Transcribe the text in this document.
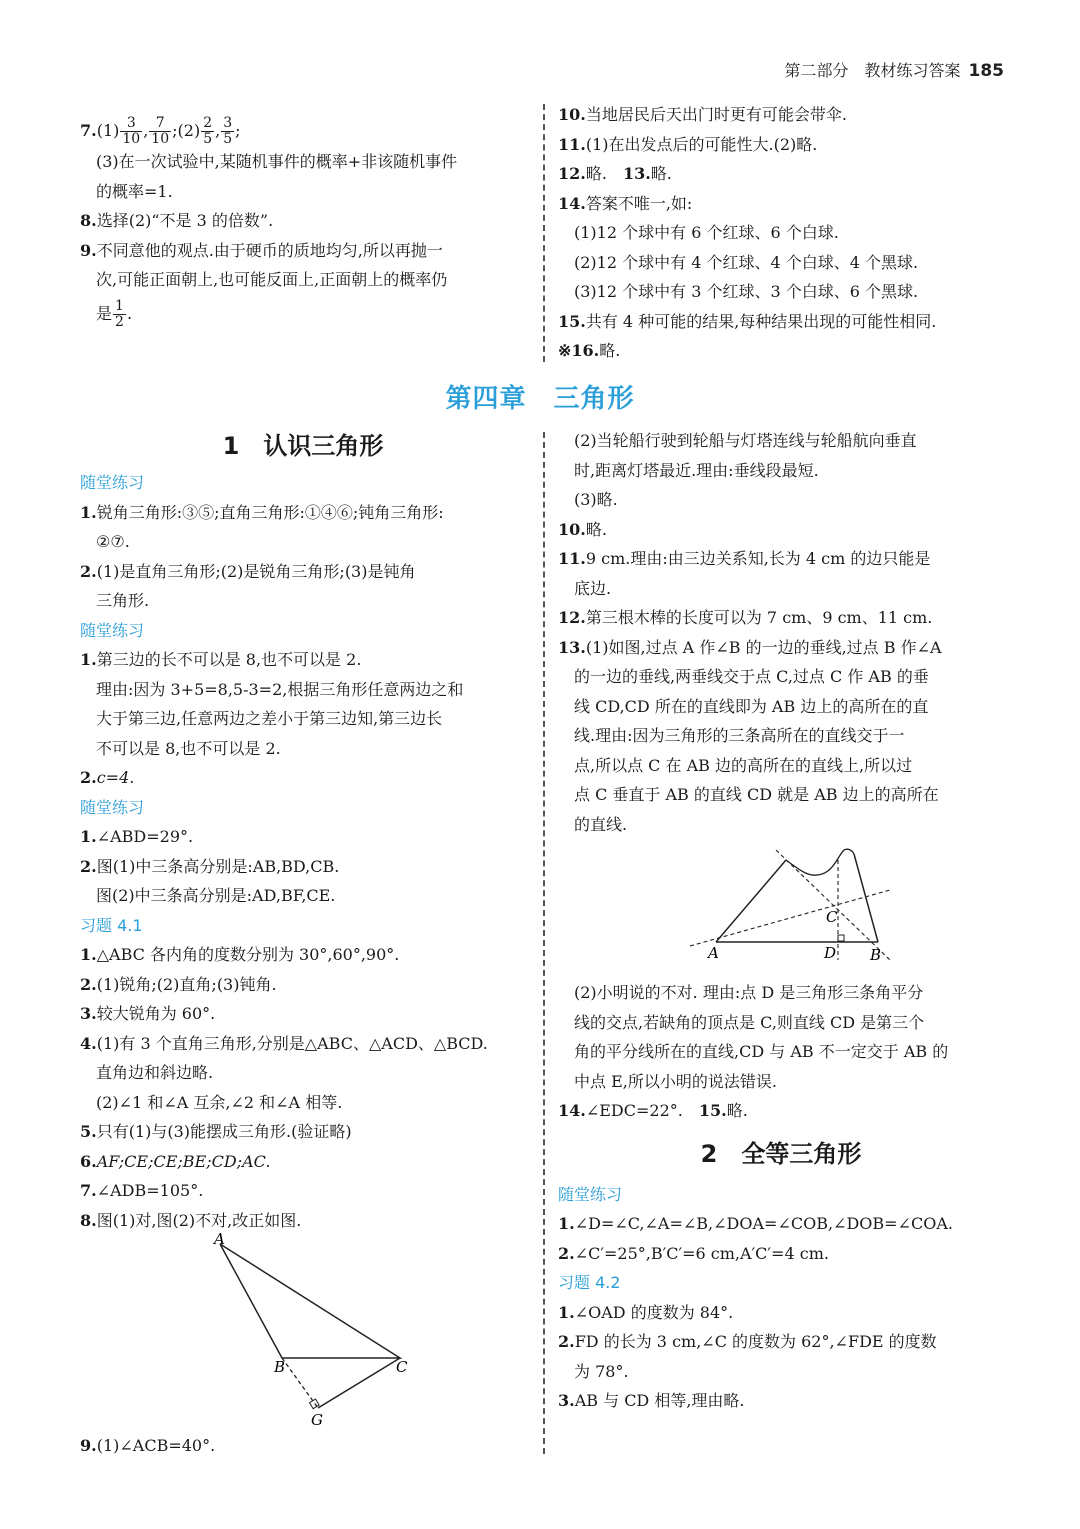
第二部分　教材练习答案 185
$7.(1) \frac{3}{10}$ , $\frac{7}{10}$ ;(2) $\frac{2}{5}$ , $\frac{3}{5}$ ;
(3)在一次试验中,某随机事件的概率+非该随机事件
的概率=1.
8.选择(2)“不是 3 的倍数”.
9.不同意他的观点.由于硬币的质地均匀,所以再抛一
次,可能正面朝上,也可能反面上,正面朝上的概率仍
是 $\frac{1}{2}$ .
10.当地居民后天出门时更有可能会带伞.
11.(1)在出发点后的可能性大.(2)略.
12.略.　 13.略.
14.答案不唯一,如:
(1)12 个球中有 6 个红球、6 个白球.
(2)12 个球中有 4 个红球、4 个白球、4 个黑球.
(3)12 个球中有 3 个红球、3 个白球、6 个黑球.
15.共有 4 种可能的结果,每种结果出现的可能性相同.
※16.略.
第四章　三角形
1　认识三角形
随堂练习
1.锐角三角形:③⑤;直角三角形:①④⑥;钝角三角形:
②⑦.
2.(1)是直角三角形;(2)是锐角三角形;(3)是钝角
三角形.
随堂练习
1.第三边的长不可以是 8,也不可以是 2.
理由:因为 3+5=8,5-3=2,根据三角形任意两边之和
大于第三边,任意两边之差小于第三边知,第三边长
不可以是 8,也不可以是 2.
2.c=4.
随堂练习
1.∠ABD=29°.
2.图(1)中三条高分别是:AB,BD,CB.
图(2)中三条高分别是:AD,BF,CE.
习题 4.1
1.△ABC 各内角的度数分别为 30°,60°,90°.
2.(1)锐角;(2)直角;(3)钝角.
3.较大锐角为 60°.
4.(1)有 3 个直角三角形,分别是△ABC、△ACD、△BCD.
直角边和斜边略.
(2)∠1 和∠A 互余,∠2 和∠A 相等.
5.只有(1)与(3)能摆成三角形.(验证略)
6.AF;CE;CE;BE;CD;AC.
7.∠ADB=105°.
8.图(1)对,图(2)不对,改正如图.
A
B	C
G
9.(1)∠ACB=40°.
(2)当轮船行驶到轮船与灯塔连线与轮船航向垂直
时,距离灯塔最近.理由:垂线段最短.
(3)略.
10.略.
11.9 cm.理由:由三边关系知,长为 4 cm 的边只能是
底边.
12.第三根木棒的长度可以为 7 cm、9 cm、11 cm.
13.(1)如图,过点 A 作∠B 的一边的垂线,过点 B 作∠A
的一边的垂线,两垂线交于点 C,过点 C 作 AB 的垂
线 CD,CD 所在的直线即为 AB 边上的高所在的直
线.理由:因为三角形的三条高所在的直线交于一
点,所以点 C 在 AB 边的高所在的直线上,所以过
点 C 垂直于 AB 的直线 CD 就是 AB 边上的高所在
的直线.
A	B
C
D
(2)小明说的不对. 理由:点 D 是三角形三条角平分
线的交点,若缺角的顶点是 C,则直线 CD 是第三个
角的平分线所在的直线,CD 与 AB 不一定交于 AB 的
中点 E,所以小明的说法错误.
14.∠EDC=22°.　 15.略.
2　全等三角形
随堂练习
1.∠D=∠C,∠A=∠B,∠DOA=∠COB,∠DOB=∠COA.
2.∠C′=25°,B′C′=6 cm,A′C′=4 cm.
习题 4.2
1.∠OAD 的度数为 84°.
2.FD 的长为 3 cm,∠C 的度数为 62°,∠FDE 的度数
为 78°.
3.AB 与 CD 相等,理由略.
